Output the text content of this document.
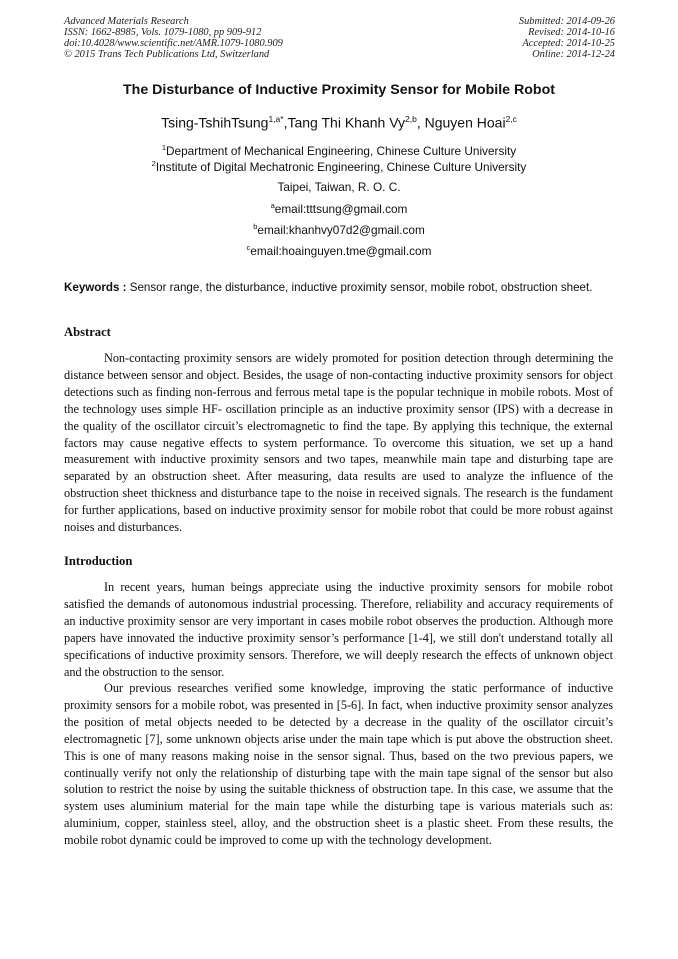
Advanced Materials Research
ISSN: 1662-8985, Vols. 1079-1080, pp 909-912
doi:10.4028/www.scientific.net/AMR.1079-1080.909
© 2015 Trans Tech Publications Ltd, Switzerland
Submitted: 2014-09-26
Revised: 2014-10-16
Accepted: 2014-10-25
Online: 2014-12-24
The Disturbance of Inductive Proximity Sensor for Mobile Robot
Tsing-TshihTsung$^{1,a*}$,Tang Thi Khanh Vy$^{2,b}$, Nguyen Hoai$^{2,c}$
$^1$Department of Mechanical Engineering, Chinese Culture University
$^2$Institute of Digital Mechatronic Engineering, Chinese Culture University
Taipei, Taiwan, R. O. C.
$^a$email:tttsung@gmail.com
$^b$email:khanhvy07d2@gmail.com
$^c$email:hoainguyen.tme@gmail.com
Keywords : Sensor range, the disturbance, inductive proximity sensor, mobile robot, obstruction sheet.
Abstract
Non-contacting proximity sensors are widely promoted for position detection through determining the distance between sensor and object. Besides, the usage of non-contacting inductive proximity sensors for object detections such as finding non-ferrous and ferrous metal tape is the popular technique in mobile robots. Most of the technology uses simple HF- oscillation principle as an inductive proximity sensor (IPS) with a decrease in the quality of the oscillator circuit’s electromagnetic to find the tape. By applying this technique, the external factors may cause negative effects to system performance. To overcome this situation, we set up a hand measurement with inductive proximity sensors and two tapes, meanwhile main tape and disturbing tape are separated by an obstruction sheet. After measuring, data results are used to analyze the influence of the obstruction sheet thickness and disturbance tape to the noise in received signals. The research is the fundament for further applications, based on inductive proximity sensor for mobile robot that could be more robust against noises and disturbances.
Introduction
In recent years, human beings appreciate using the inductive proximity sensors for mobile robot satisfied the demands of autonomous industrial processing. Therefore, reliability and accuracy requirements of an inductive proximity sensor are very important in cases mobile robot observes the production. Although more papers have innovated the inductive proximity sensor’s performance [1-4], we still don't understand totally all specifications of inductive proximity sensors. Therefore, we will deeply research the effects of unknown object and the obstruction to the sensor.
Our previous researches verified some knowledge, improving the static performance of inductive proximity sensors for a mobile robot, was presented in [5-6]. In fact, when inductive proximity sensor analyzes the position of metal objects needed to be detected by a decrease in the quality of the oscillator circuit’s electromagnetic [7], some unknown objects arise under the main tape which is put above the obstruction sheet. This is one of many reasons making noise in the sensor signal. Thus, based on the two previous papers, we continually verify not only the relationship of disturbing tape with the main tape signal of the sensor but also solution to restrict the noise by using the suitable thickness of obstruction tape. In this case, we assume that the system uses aluminium material for the main tape while the disturbing tape is various materials such as: aluminium, copper, stainless steel, alloy, and the obstruction sheet is a plastic sheet. From these results, the mobile robot dynamic could be improved to come up with the technology development.
